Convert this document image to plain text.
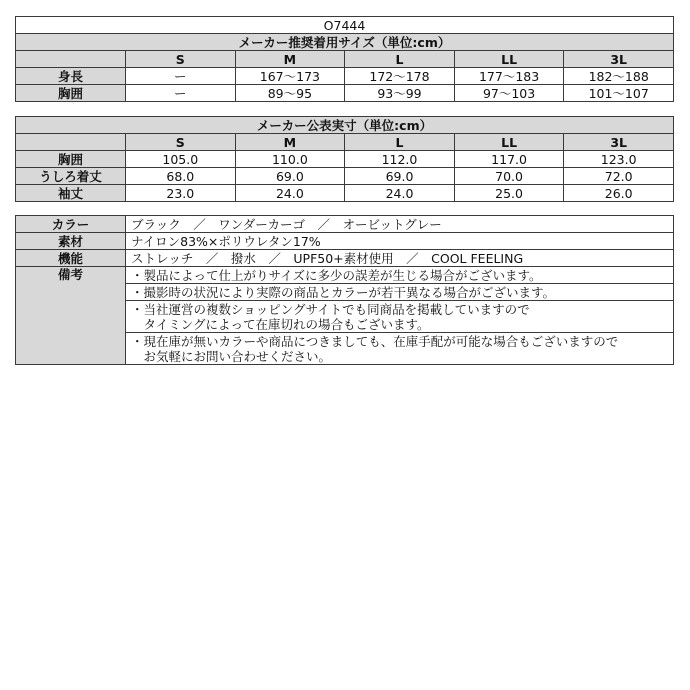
O7444					
メーカー推奨着用サイズ（単位:cm）					
	S	M	L	LL	3L
身長	ー	167〜173	172〜178	177〜183	182〜188
胸囲	ー	89〜95	93〜99	97〜103	101〜107
メーカー公表実寸（単位:cm）					
	S	M	L	LL	3L
胸囲	105.0	110.0	112.0	117.0	123.0
うしろ着丈	68.0	69.0	69.0	70.0	72.0
袖丈	23.0	24.0	24.0	25.0	26.0
カラー	ブラック　／　ワンダーカーゴ　／　オービットグレー
素材	ナイロン83%×ポリウレタン17%
機能	ストレッチ　／　撥水　／　UPF50+素材使用　／　COOL FEELING
備考	・製品によって仕上がりサイズに多少の誤差が生じる場合がございます。
	・撮影時の状況により実際の商品とカラーが若干異なる場合がございます。

	・当社運営の複数ショッピングサイトでも同商品を掲載していますので
　タイミングによって在庫切れの場合もございます。

	・現在庫が無いカラーや商品につきましても、在庫手配が可能な場合もございますので
　お気軽にお問い合わせください。
